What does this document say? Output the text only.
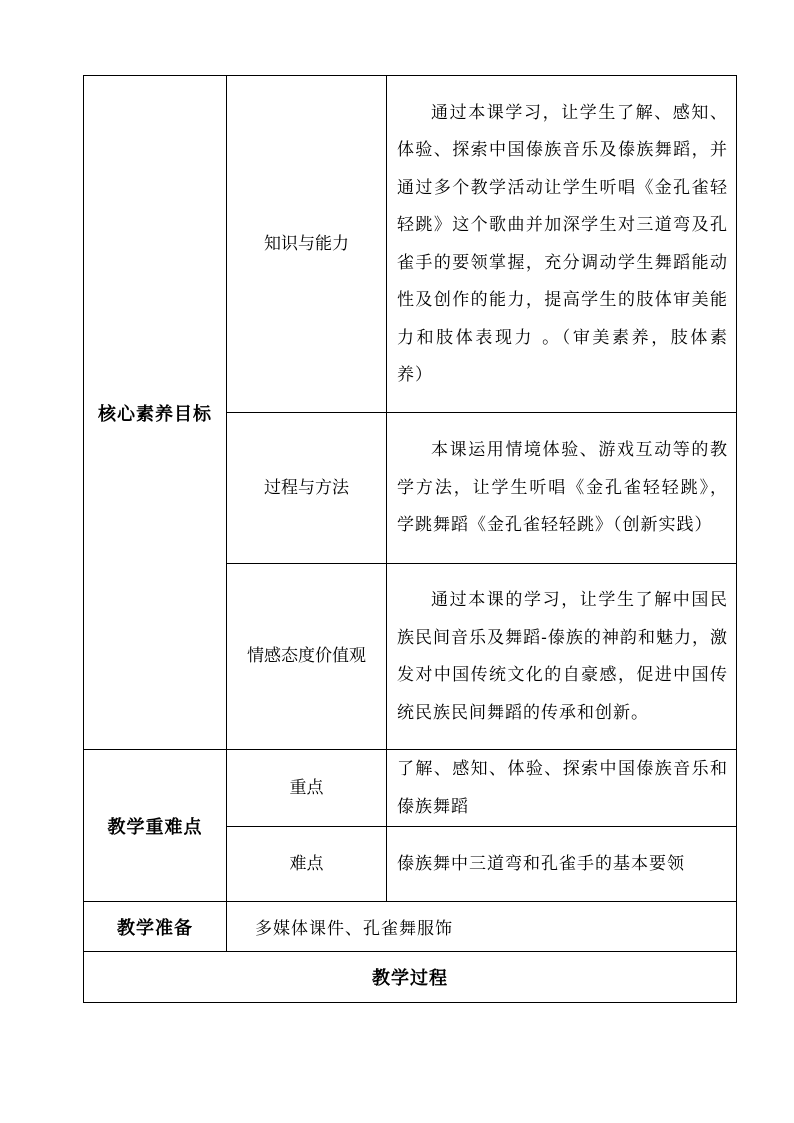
核心素养目标	知识与能力	通过本课学习，让学生了解、感知、体验、探索中国傣族音乐及傣族舞蹈，并通过多个教学活动让学生听唱《金孔雀轻轻跳》这个歌曲并加深学生对三道弯及孔雀手的要领掌握，充分调动学生舞蹈能动性及创作的能力，提高学生的肢体审美能力和肢体表现力 。（审美素养，肢体素养）
	过程与方法	本课运用情境体验、游戏互动等的教学方法，让学生听唱《金孔雀轻轻跳》，学跳舞蹈《金孔雀轻轻跳》（创新实践）
	情感态度价值观	通过本课的学习，让学生了解中国民族民间音乐及舞蹈-傣族的神韵和魅力，激发对中国传统文化的自豪感，促进中国传统民族民间舞蹈的传承和创新。
教学重难点	重点	了解、感知、体验、探索中国傣族音乐和傣族舞蹈
	难点	傣族舞中三道弯和孔雀手的基本要领
教学准备	多媒体课件、孔雀舞服饰	
教学过程		
